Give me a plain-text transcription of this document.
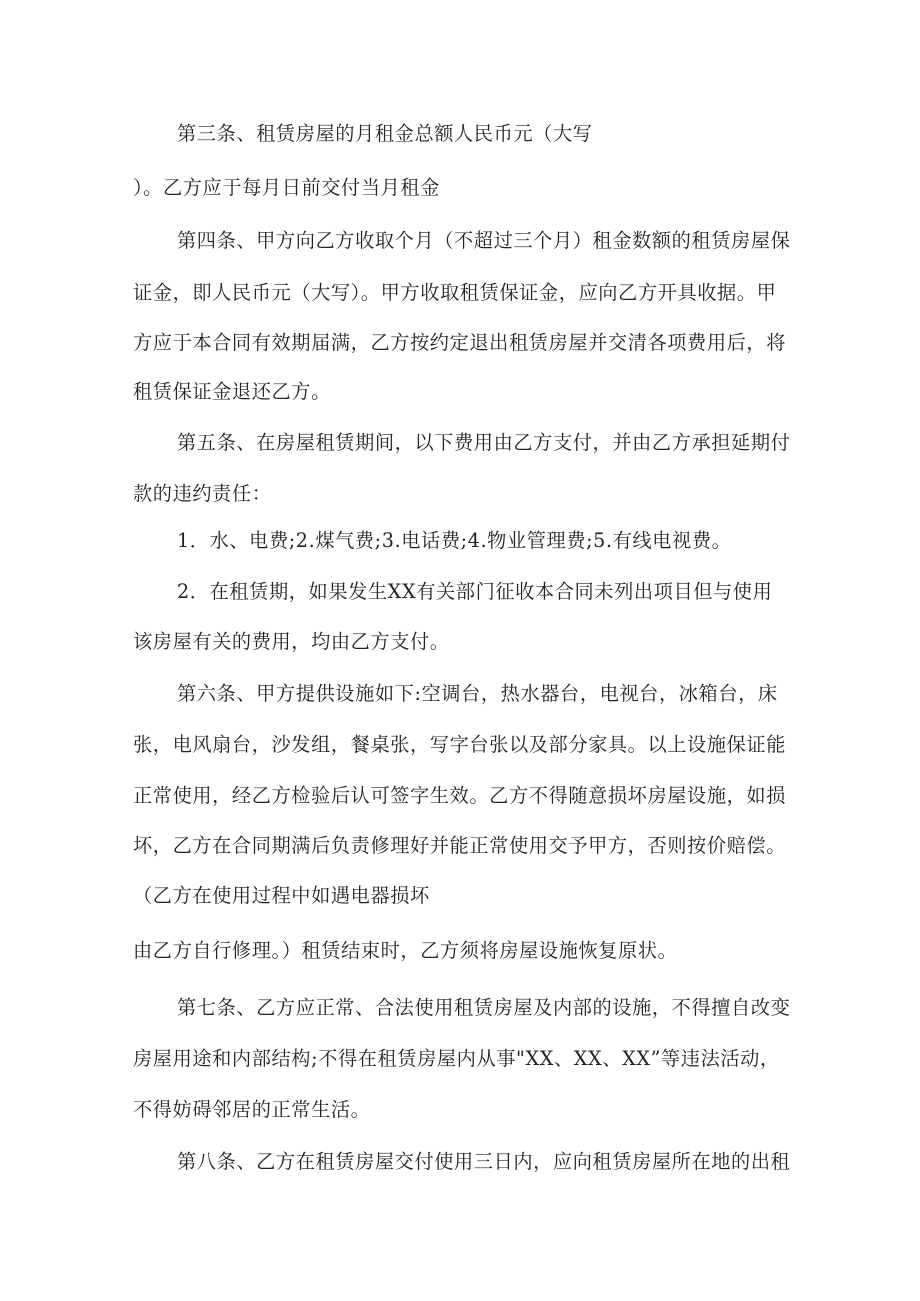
第三条、租赁房屋的月租金总额人民币元（大写

）。乙方应于每月日前交付当月租金

第四条、甲方向乙方收取个月（不超过三个月）租金数额的租赁房屋保

证金，即人民币元（大写）。甲方收取租赁保证金，应向乙方开具收据。甲

方应于本合同有效期届满，乙方按约定退出租赁房屋并交清各项费用后，将

租赁保证金退还乙方。

第五条、在房屋租赁期间，以下费用由乙方支付，并由乙方承担延期付

款的违约责任：

1．水、电费;2.煤气费;3.电话费;4.物业管理费;5.有线电视费。

2．在租赁期，如果发生XX有关部门征收本合同未列出项目但与使用

该房屋有关的费用，均由乙方支付。

第六条、甲方提供设施如下:空调台，热水器台，电视台，冰箱台，床

张，电风扇台，沙发组，餐桌张，写字台张以及部分家具。以上设施保证能

正常使用，经乙方检验后认可签字生效。乙方不得随意损坏房屋设施，如损

坏，乙方在合同期满后负责修理好并能正常使用交予甲方，否则按价赔偿。

（乙方在使用过程中如遇电器损坏

由乙方自行修理。）租赁结束时，乙方须将房屋设施恢复原状。

第七条、乙方应正常、合法使用租赁房屋及内部的设施，不得擅自改变

房屋用途和内部结构;不得在租赁房屋内从事"XX、XX、XX”等违法活动，

不得妨碍邻居的正常生活。

第八条、乙方在租赁房屋交付使用三日内，应向租赁房屋所在地的出租
